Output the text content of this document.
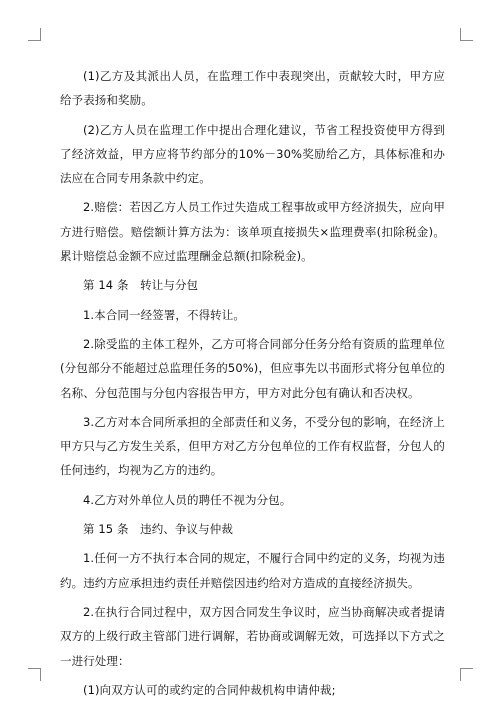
(1)乙方及其派出人员，在监理工作中表现突出，贡献较大时，甲方应给予表扬和奖励。

(2)乙方人员在监理工作中提出合理化建议，节省工程投资使甲方得到了经济效益，甲方应将节约部分的10%－30%奖励给乙方，具体标准和办法应在合同专用条款中约定。

2.赔偿：若因乙方人员工作过失造成工程事故或甲方经济损失，应向甲方进行赔偿。赔偿额计算方法为：该单项直接损失×监理费率(扣除税金)。累计赔偿总金额不应过监理酬金总额(扣除税金)。

第 14 条　转让与分包

1.本合同一经签署，不得转让。

2.除受监的主体工程外，乙方可将合同部分任务分给有资质的监理单位(分包部分不能超过总监理任务的50%)，但应事先以书面形式将分包单位的名称、分包范围与分包内容报告甲方，甲方对此分包有确认和否决权。

3.乙方对本合同所承担的全部责任和义务，不受分包的影响，在经济上甲方只与乙方发生关系，但甲方对乙方分包单位的工作有权监督，分包人的任何违约，均视为乙方的违约。

4.乙方对外单位人员的聘任不视为分包。

第 15 条　违约、争议与仲裁

1.任何一方不执行本合同的规定，不履行合同中约定的义务，均视为违约。违约方应承担违约责任并赔偿因违约给对方造成的直接经济损失。

2.在执行合同过程中，双方因合同发生争议时，应当协商解决或者提请双方的上级行政主管部门进行调解，若协商或调解无效，可选择以下方式之一进行处理：

(1)向双方认可的或约定的合同仲裁机构申请仲裁;
